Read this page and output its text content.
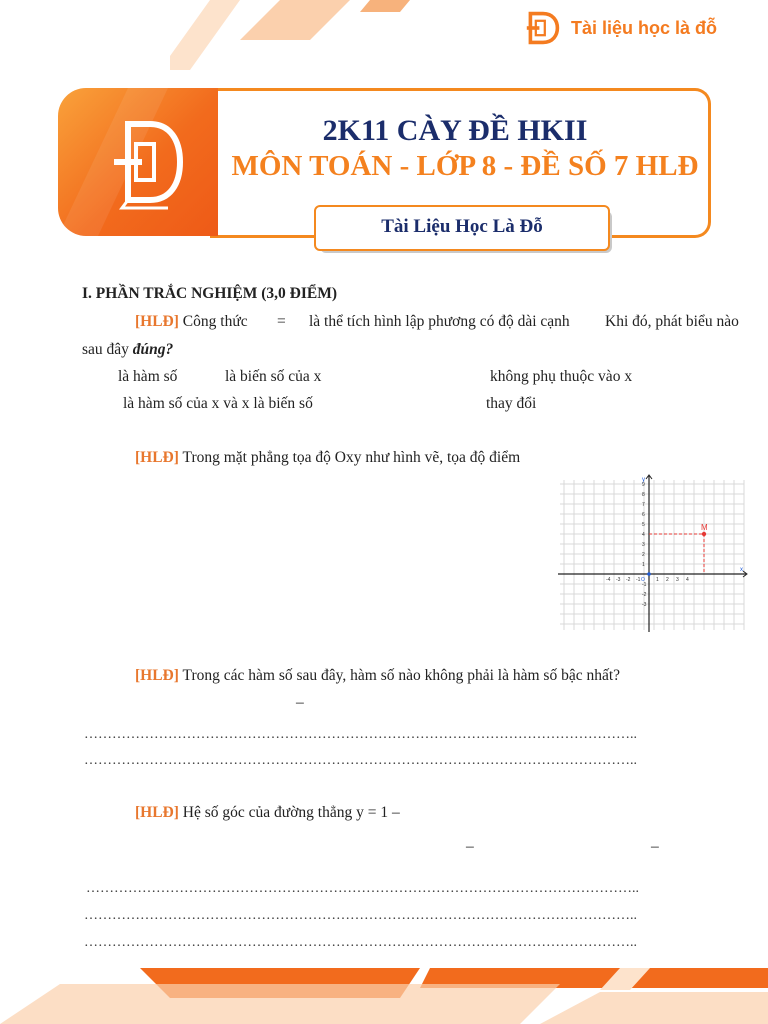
Tài liệu học là đỗ
2K11 CÀY ĐỀ HKII
MÔN TOÁN - LỚP 8 - ĐỀ SỐ 7 HLĐ
Tài Liệu Học Là Đỗ
I. PHẦN TRẮC NGHIỆM (3,0 ĐIỂM)
[HLĐ] Công thức = là thể tích hình lập phương có độ dài cạnh Khi đó, phát biểu nào
sau đây đúng?
là hàm số	là biến số của x	không phụ thuộc vào x
là hàm số của x và x là biến số	thay đổi
[HLĐ] Trong mặt phẳng tọa độ Oxy như hình vẽ, tọa độ điểm
M
x
y
O
-4 -3 -2 -1	1 2 3 4
-3
-2
-1
1
2
3
4
5
6
7
8
9
[HLĐ] Trong các hàm số sau đây, hàm số nào không phải là hàm số bậc nhất?
–
………………………………………………………………………………………………………..
………………………………………………………………………………………………………..
[HLĐ] Hệ số góc của đường thẳng y = 1 –
–	–
………………………………………………………………………………………………………..
………………………………………………………………………………………………………..
………………………………………………………………………………………………………..
